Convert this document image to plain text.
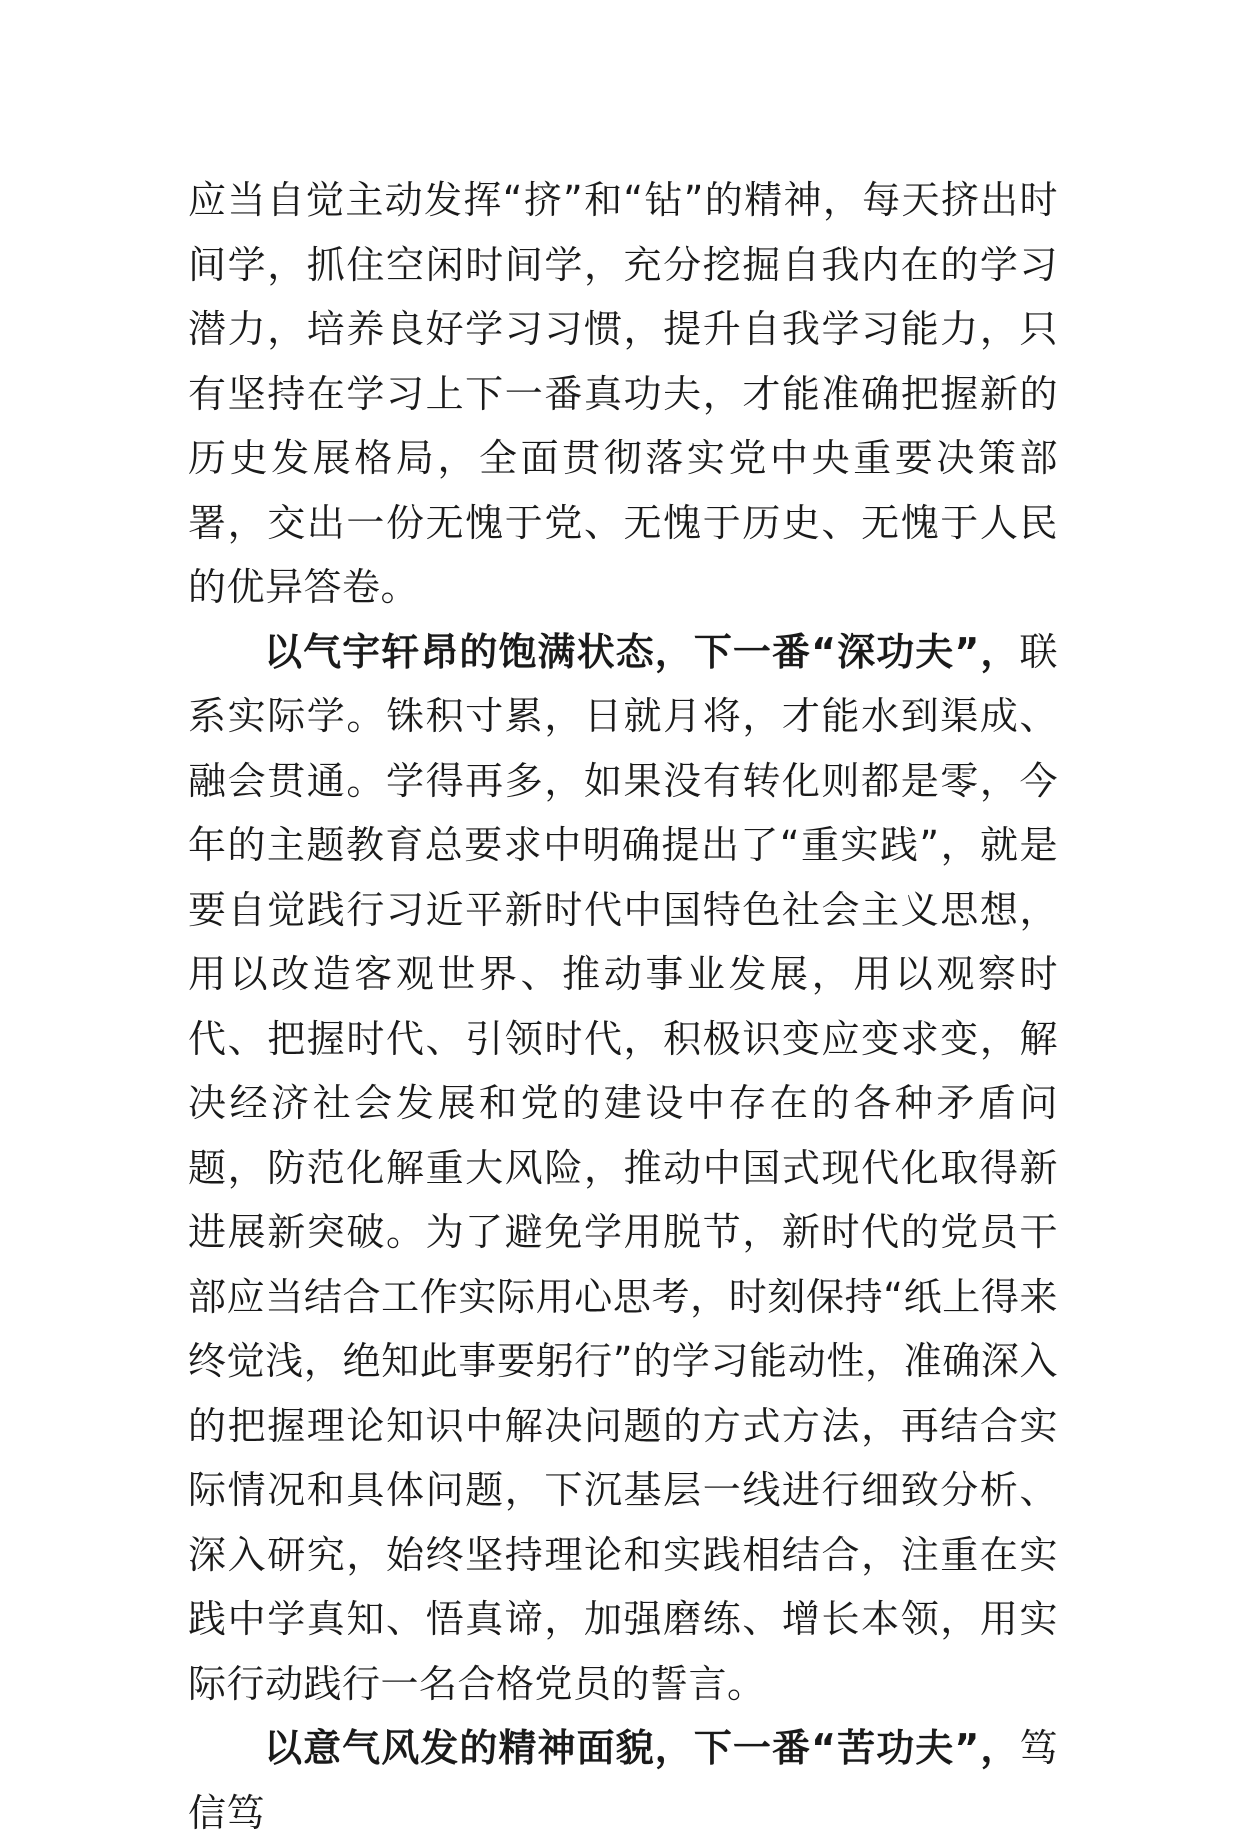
应当自觉主动发挥“挤”和“钻”的精神，每天挤出时间学，抓住空闲时间学，充分挖掘自我内在的学习潜力，培养良好学习习惯，提升自我学习能力，只有坚持在学习上下一番真功夫，才能准确把握新的历史发展格局，全面贯彻落实党中央重要决策部署，交出一份无愧于党、无愧于历史、无愧于人民的优异答卷。

以气宇轩昂的饱满状态，下一番“深功夫”，联系实际学。铢积寸累，日就月将，才能水到渠成、融会贯通。学得再多，如果没有转化则都是零，今年的主题教育总要求中明确提出了“重实践”，就是要自觉践行习近平新时代中国特色社会主义思想，用以改造客观世界、推动事业发展，用以观察时代、把握时代、引领时代，积极识变应变求变，解决经济社会发展和党的建设中存在的各种矛盾问题，防范化解重大风险，推动中国式现代化取得新进展新突破。为了避免学用脱节，新时代的党员干部应当结合工作实际用心思考，时刻保持“纸上得来终觉浅，绝知此事要躬行”的学习能动性，准确深入的把握理论知识中解决问题的方式方法，再结合实际情况和具体问题，下沉基层一线进行细致分析、深入研究，始终坚持理论和实践相结合，注重在实践中学真知、悟真谛，加强磨练、增长本领，用实际行动践行一名合格党员的誓言。

以意气风发的精神面貌，下一番“苦功夫”，笃信笃
